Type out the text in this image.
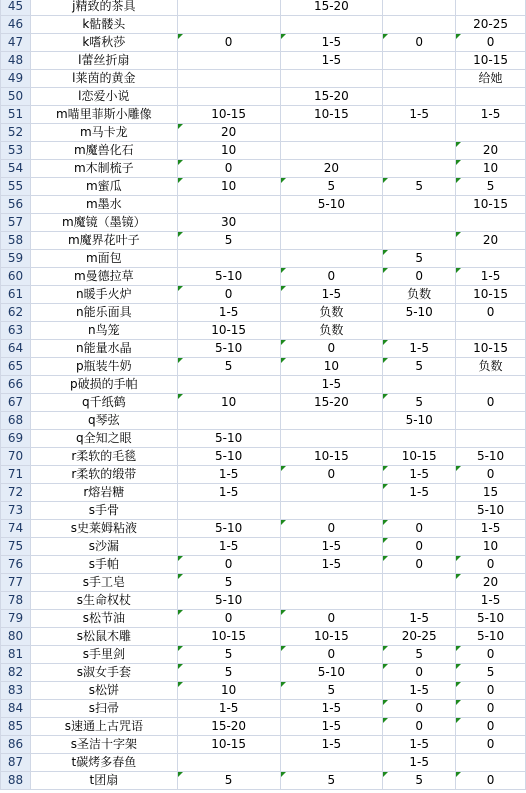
45	j精致的茶具		15-20		
46	k骷髅头				20-25
47	k嗜秋莎	0	1-5	0	0

48	l蕾丝折扇		1-5		10-15
49	l莱茵的黄金				给她
50	l恋爱小说		15-20		
51	m喵里菲斯小雕像	10-15	10-15	1-5	1-5
52	m马卡龙	20

53	m魔兽化石	10			20

54	m木制梳子	0	20		10

55	m蜜瓜	10	5	5	5

56	m墨水		5-10		10-15
57	m魔镜（墨镜）	30			
58	m魔界花叶子	5			20

59	m面包			5

60	m曼德拉草	5-10	0	0	1-5

61	n暖手火炉	0	1-5	负数	10-15
62	n能乐面具	1-5	负数	5-10	0
63	n鸟笼	10-15	负数		
64	n能量水晶	5-10	0	1-5	10-15
65	p瓶装牛奶	5	10	5	负数
66	p破损的手帕		1-5		
67	q千纸鹤	10	15-20	5	0
68	q琴弦			5-10	
69	q全知之眼	5-10			
70	r柔软的毛毯	5-10	10-15	10-15	5-10
71	r柔软的缎带	1-5	0	1-5	0

72	r熔岩糖	1-5		1-5	15
73	s手骨				5-10
74	s史莱姆粘液	5-10	0	0	1-5
75	s沙漏	1-5	1-5	0	10
76	s手帕	0	1-5	0	0

77	s手工皂	5			20

78	s生命权杖	5-10			1-5
79	s松节油	0	0	1-5	5-10
80	s松鼠木雕	10-15	10-15	20-25	5-10
81	s手里剑	5	0	5	0

82	s淑女手套	5	5-10	0	5

83	s松饼	10	5	1-5	0

84	s扫帚	1-5	1-5	0	0

85	s速通上古咒语	15-20	1-5	0	0

86	s圣洁十字架	10-15	1-5	1-5	0
87	t碳烤多春鱼			1-5	
88	t团扇	5	5	5	0
